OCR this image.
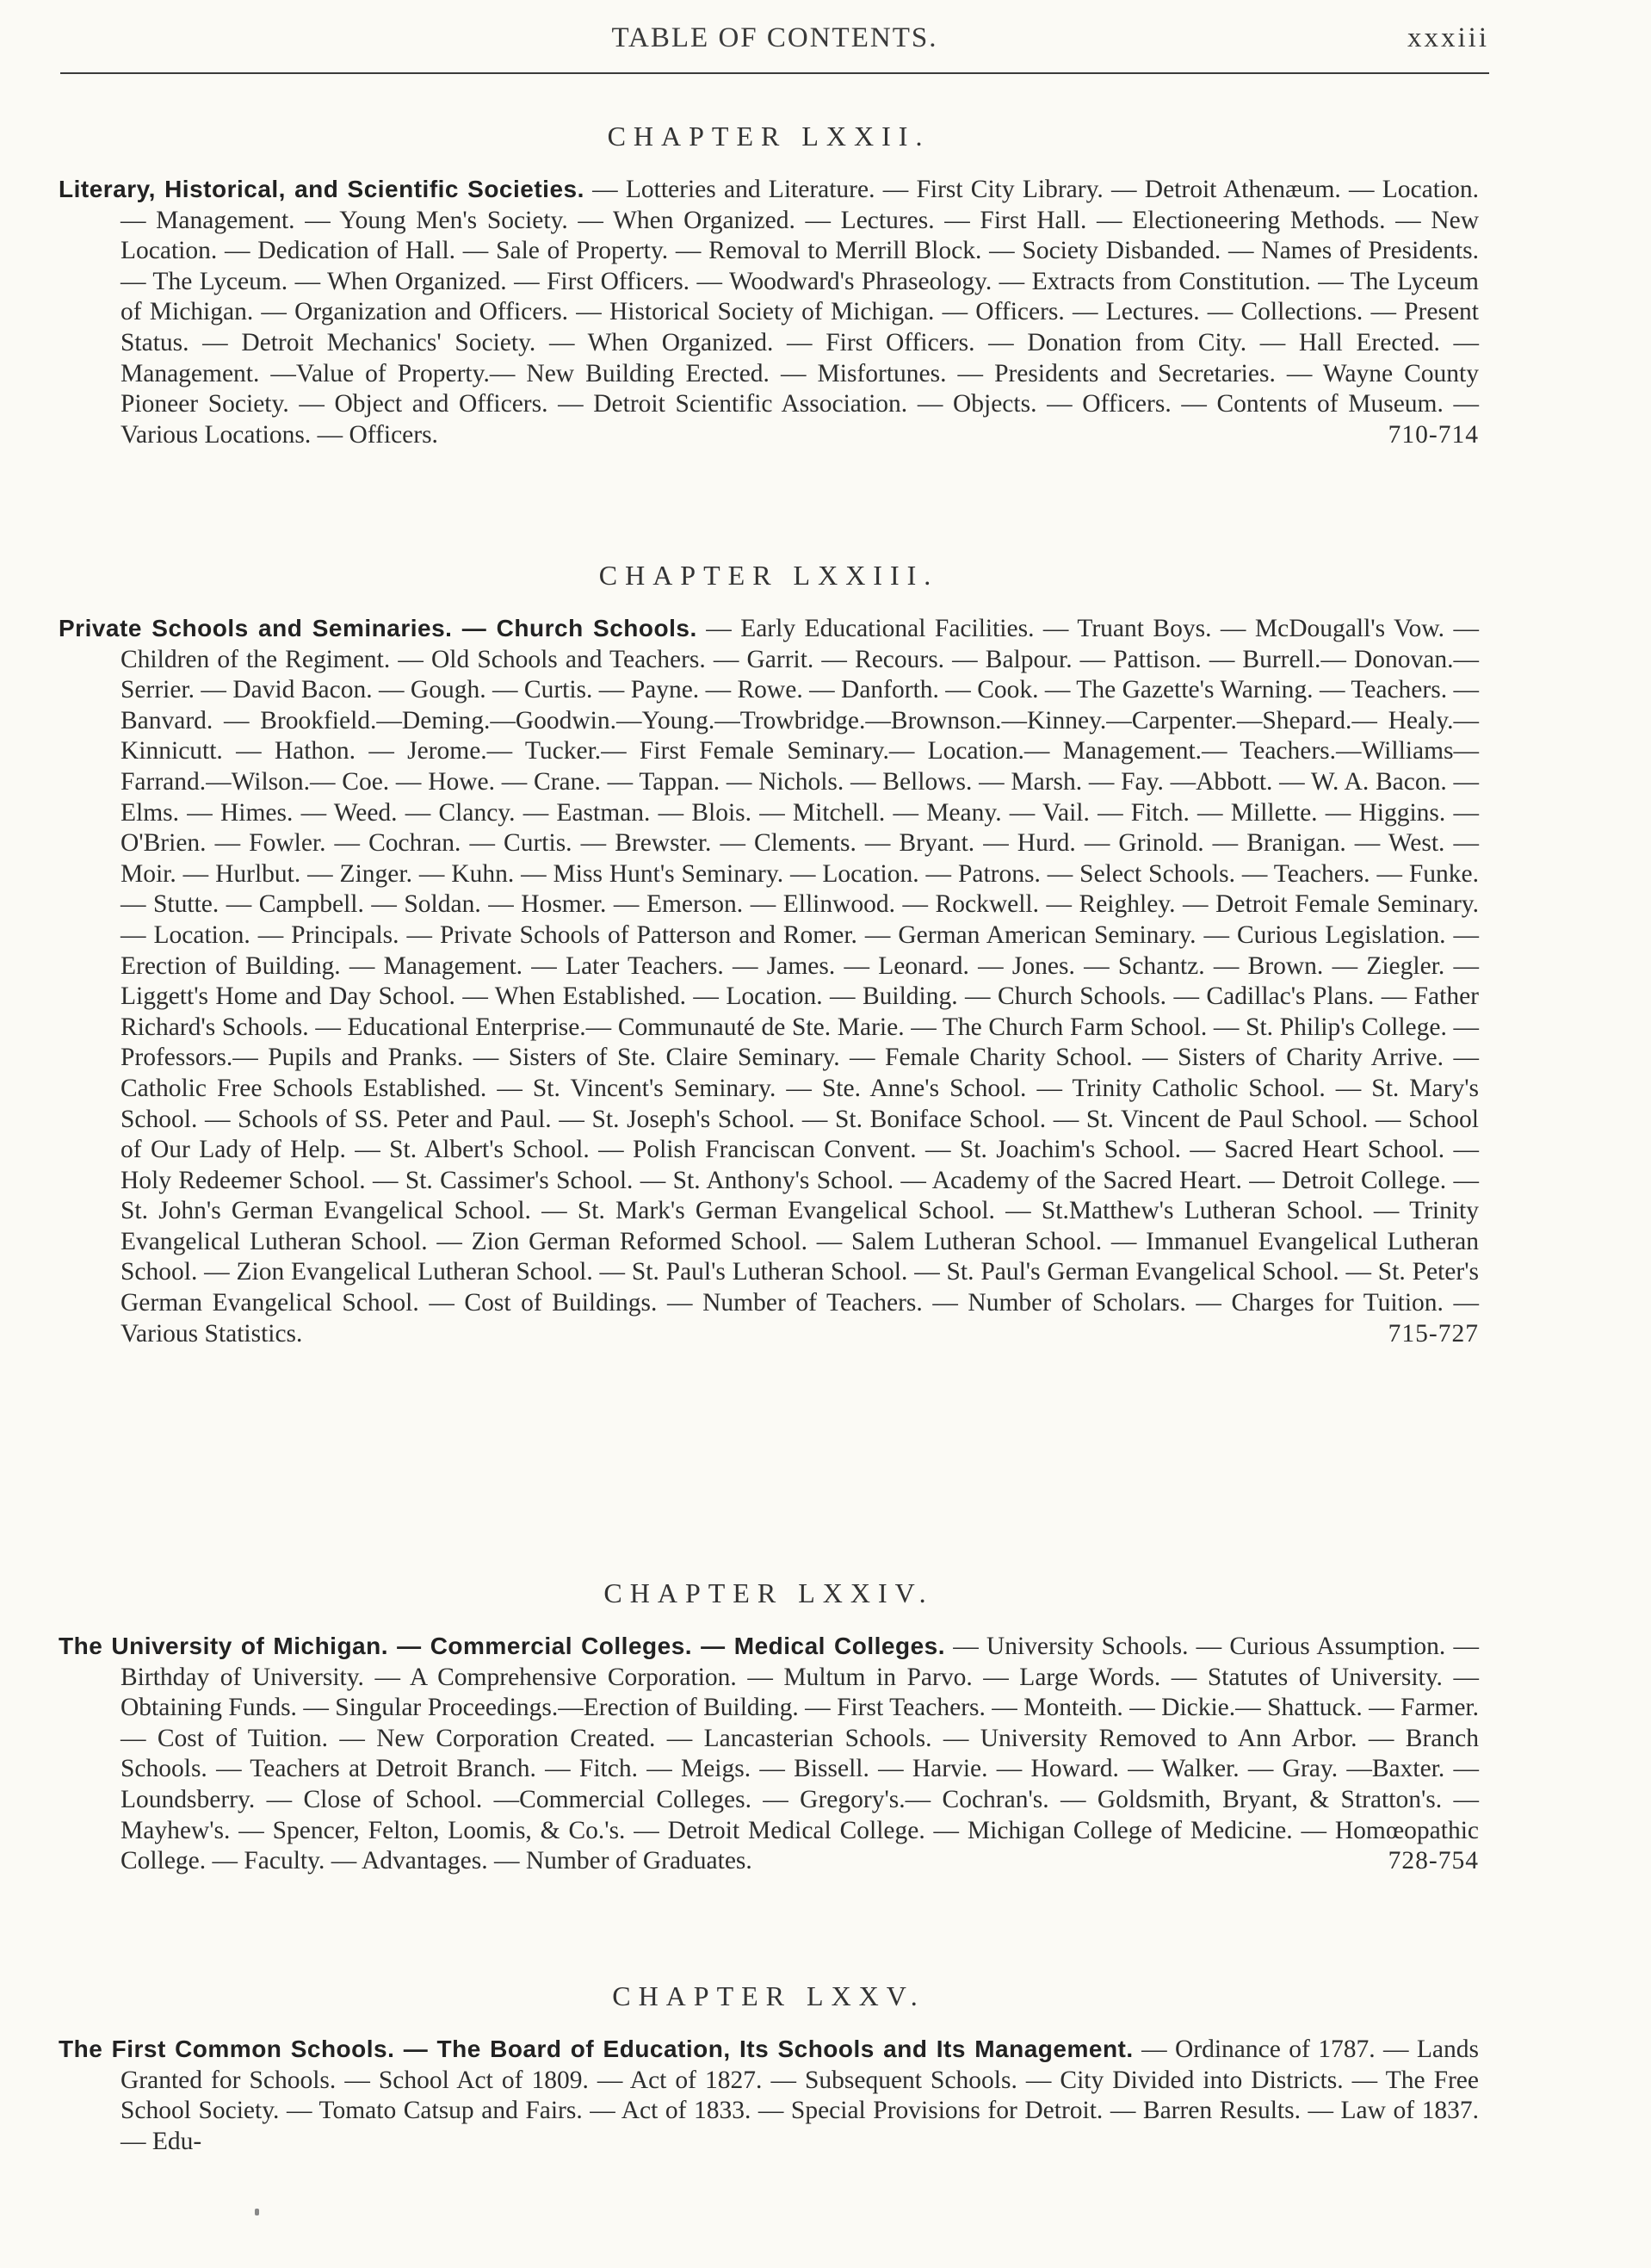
TABLE OF CONTENTS.	xxxiii
CHAPTER LXXII.

Literary, Historical, and Scientific Societies. — Lotteries and Literature. — First City Library. — Detroit Athenæum. — Location. — Management. — Young Men's Society. — When Organized. — Lectures. — First Hall. — Electioneering Methods. — New Location. — Dedication of Hall. — Sale of Property. — Removal to Merrill Block. — Society Disbanded. — Names of Presidents. — The Lyceum. — When Organized. — First Officers. — Woodward's Phraseology. — Extracts from Constitution. — The Lyceum of Michigan. — Organization and Officers. — Historical Society of Michigan. — Officers. — Lectures. — Collections. — Present Status. — Detroit Mechanics' Society. — When Organized. — First Officers. — Donation from City. — Hall Erected. — Management. —Value of Property.— New Building Erected. — Misfortunes. — Presidents and Secretaries. — Wayne County Pioneer Society. — Object and Officers. — Detroit Scientific Association. — Objects. — Officers. — Contents of Museum. — Various Locations. — Officers.	710-714

CHAPTER LXXIII.

Private Schools and Seminaries. — Church Schools. — Early Educational Facilities. — Truant Boys. — McDougall's Vow. — Children of the Regiment. — Old Schools and Teachers. — Garrit. — Recours. — Balpour. — Pattison. — Burrell.— Donovan.— Serrier. — David Bacon. — Gough. — Curtis. — Payne. — Rowe. — Danforth. — Cook. — The Gazette's Warning. — Teachers. — Banvard. — Brookfield.—Deming.—Goodwin.—Young.—Trowbridge.—Brownson.—Kinney.—Carpenter.—Shepard.— Healy.— Kinnicutt. — Hathon. — Jerome.— Tucker.— First Female Seminary.— Location.— Management.— Teachers.—Williams— Farrand.—Wilson.— Coe. — Howe. — Crane. — Tappan. — Nichols. — Bellows. — Marsh. — Fay. —Abbott. — W. A. Bacon. — Elms. — Himes. — Weed. — Clancy. — Eastman. — Blois. — Mitchell. — Meany. — Vail. — Fitch. — Millette. — Higgins. — O'Brien. — Fowler. — Cochran. — Curtis. — Brewster. — Clements. — Bryant. — Hurd. — Grinold. — Branigan. — West. — Moir. — Hurlbut. — Zinger. — Kuhn. — Miss Hunt's Seminary. — Location. — Patrons. — Select Schools. — Teachers. — Funke. — Stutte. — Campbell. — Soldan. — Hosmer. — Emerson. — Ellinwood. — Rockwell. — Reighley. — Detroit Female Seminary. — Location. — Principals. — Private Schools of Patterson and Romer. — German American Seminary. — Curious Legislation. — Erection of Building. — Management. — Later Teachers. — James. — Leonard. — Jones. — Schantz. — Brown. — Ziegler. — Liggett's Home and Day School. — When Established. — Location. — Building. — Church Schools. — Cadillac's Plans. — Father Richard's Schools. — Educational Enterprise.— Communauté de Ste. Marie. — The Church Farm School. — St. Philip's College. — Professors.— Pupils and Pranks. — Sisters of Ste. Claire Seminary. — Female Charity School. — Sisters of Charity Arrive. — Catholic Free Schools Established. — St. Vincent's Seminary. — Ste. Anne's School. — Trinity Catholic School. — St. Mary's School. — Schools of SS. Peter and Paul. — St. Joseph's School. — St. Boniface School. — St. Vincent de Paul School. — School of Our Lady of Help. — St. Albert's School. — Polish Franciscan Convent. — St. Joachim's School. — Sacred Heart School. — Holy Redeemer School. — St. Cassimer's School. — St. Anthony's School. — Academy of the Sacred Heart. — Detroit College. — St. John's German Evangelical School. — St. Mark's German Evangelical School. — St.Matthew's Lutheran School. — Trinity Evangelical Lutheran School. — Zion German Reformed School. — Salem Lutheran School. — Immanuel Evangelical Lutheran School. — Zion Evangelical Lutheran School. — St. Paul's Lutheran School. — St. Paul's German Evangelical School. — St. Peter's German Evangelical School. — Cost of Buildings. — Number of Teachers. — Number of Scholars. — Charges for Tuition. — Various Statistics.	715-727

CHAPTER LXXIV.

The University of Michigan. — Commercial Colleges. — Medical Colleges. — University Schools. — Curious Assumption. — Birthday of University. — A Comprehensive Corporation. — Multum in Parvo. — Large Words. — Statutes of University. — Obtaining Funds. — Singular Proceedings.—Erection of Building. — First Teachers. — Monteith. — Dickie.— Shattuck. — Farmer. — Cost of Tuition. — New Corporation Created. — Lancasterian Schools. — University Removed to Ann Arbor. — Branch Schools. — Teachers at Detroit Branch. — Fitch. — Meigs. — Bissell. — Harvie. — Howard. — Walker. — Gray. —Baxter. — Loundsberry. — Close of School. —Commercial Colleges. — Gregory's.— Cochran's. — Goldsmith, Bryant, & Stratton's. — Mayhew's. — Spencer, Felton, Loomis, & Co.'s. — Detroit Medical College. — Michigan College of Medicine. — Homœopathic College. — Faculty. — Advantages. — Number of Graduates.	728-754

CHAPTER LXXV.

The First Common Schools. — The Board of Education, Its Schools and Its Management. — Ordinance of 1787. — Lands Granted for Schools. — School Act of 1809. — Act of 1827. — Subsequent Schools. — City Divided into Districts. — The Free School Society. — Tomato Catsup and Fairs. — Act of 1833. — Special Provisions for Detroit. — Barren Results. — Law of 1837. — Edu-
